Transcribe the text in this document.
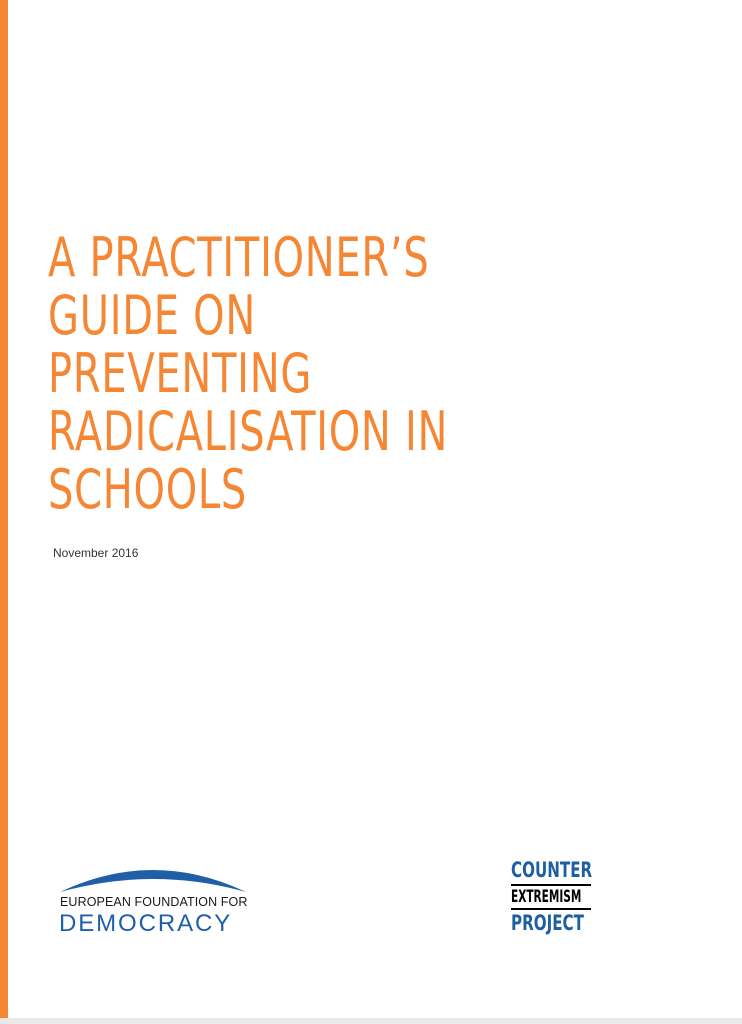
A PRACTITIONER’S
GUIDE ON
PREVENTING
RADICALISATION IN
SCHOOLS
November 2016
EUROPEAN FOUNDATION FOR
DEMOCRACY
COUNTER
EXTREMISM
PROJECT
